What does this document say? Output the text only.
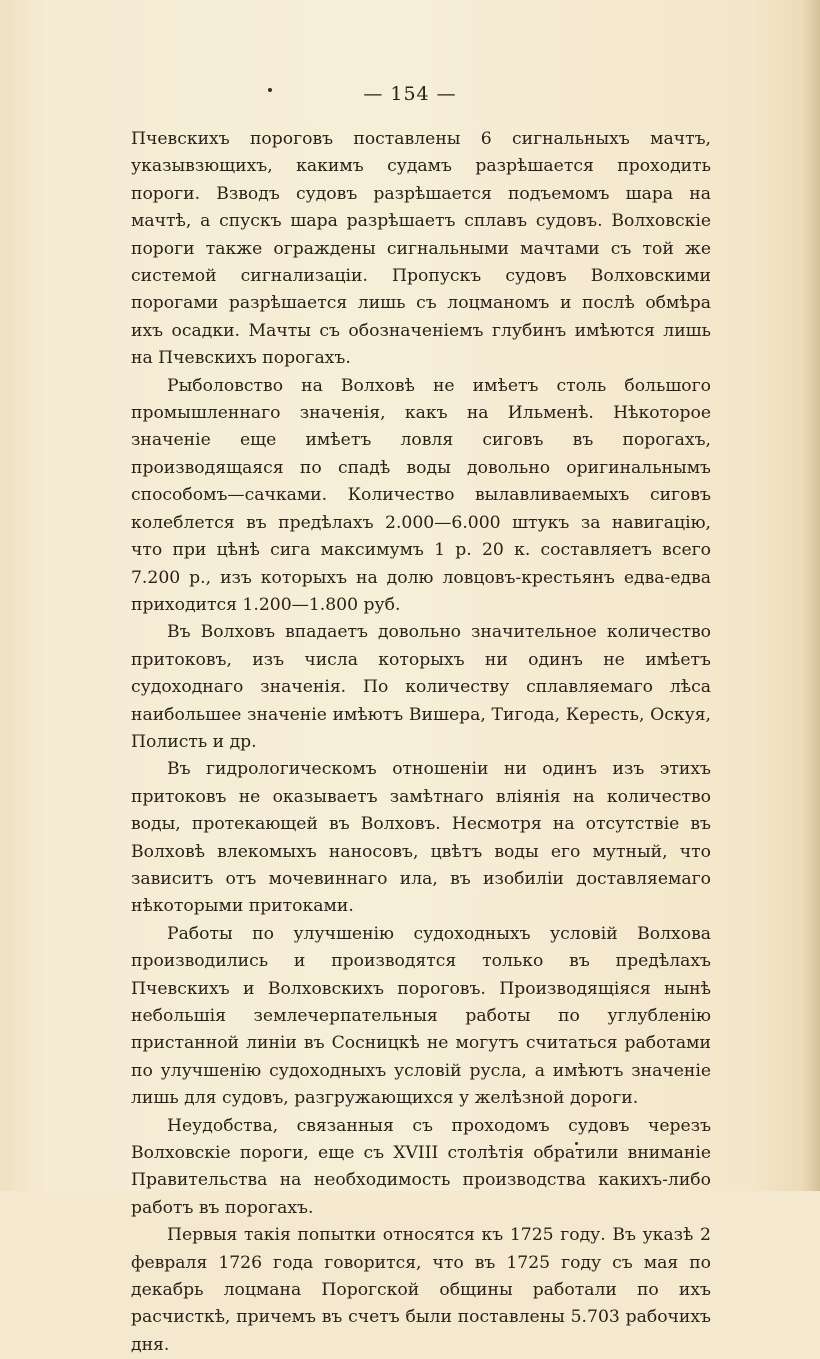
— 154 —

Пчевскихъ пороговъ поставлены 6 сигнальныхъ мачтъ, указывзющихъ, какимъ судамъ разрѣшается проходить пороги. Взводъ судовъ разрѣшается подъемомъ шара на мачтѣ, а спускъ шара разрѣшаетъ сплавъ судовъ. Волховскіе пороги также ограждены сигнальными мачтами съ той же системой сигнализаціи. Пропускъ судовъ Волховскими порогами разрѣшается лишь съ лоцманомъ и послѣ обмѣра ихъ осадки. Мачты съ обозначеніемъ глубинъ имѣются лишь на Пчевскихъ порогахъ.

Рыболовство на Волховѣ не имѣетъ столь большого промышленнаго значенія, какъ на Ильменѣ. Нѣкоторое значеніе еще имѣетъ ловля сиговъ въ порогахъ, производящаяся по спадѣ воды довольно оригинальнымъ способомъ—сачками. Количество вылавливаемыхъ сиговъ колеблется въ предѣлахъ 2.000—6.000 штукъ за навигацію, что при цѣнѣ сига максимумъ 1 р. 20 к. составляетъ всего 7.200 р., изъ которыхъ на долю ловцовъ-крестьянъ едва-едва приходится 1.200—1.800 руб.

Въ Волховъ впадаетъ довольно значительное количество притоковъ, изъ числа которыхъ ни одинъ не имѣетъ судоходнаго значенія. По количеству сплавляемаго лѣса наибольшее значеніе имѣютъ Вишера, Тигода, Кересть, Оскуя, Полисть и др.

Въ гидрологическомъ отношеніи ни одинъ изъ этихъ притоковъ не оказываетъ замѣтнаго вліянія на количество воды, протекающей въ Волховъ. Несмотря на отсутствіе въ Волховѣ влекомыхъ наносовъ, цвѣтъ воды его мутный, что зависитъ отъ мочевиннаго ила, въ изобиліи доставляемаго нѣкоторыми притоками.

Работы по улучшенію судоходныхъ условій Волхова производились и производятся только въ предѣлахъ Пчевскихъ и Волховскихъ пороговъ. Производящіяся нынѣ небольшія землечерпательныя работы по углубленію пристанной линіи въ Сосницкѣ не могутъ считаться работами по улучшенію судоходныхъ условій русла, а имѣютъ значеніе лишь для судовъ, разгружающихся у желѣзной дороги.

Неудобства, связанныя съ проходомъ судовъ черезъ Волховскіе пороги, еще съ XVIII столѣтія обратили вниманіе Правительства на необходимость производства какихъ-либо работъ въ порогахъ.

Первыя такія попытки относятся къ 1725 году. Въ указѣ 2 февраля 1726 года говорится, что въ 1725 году съ мая по декабрь лоцмана Порогской общины работали по ихъ расчисткѣ, причемъ въ счетъ были поставлены 5.703 рабочихъ дня.
